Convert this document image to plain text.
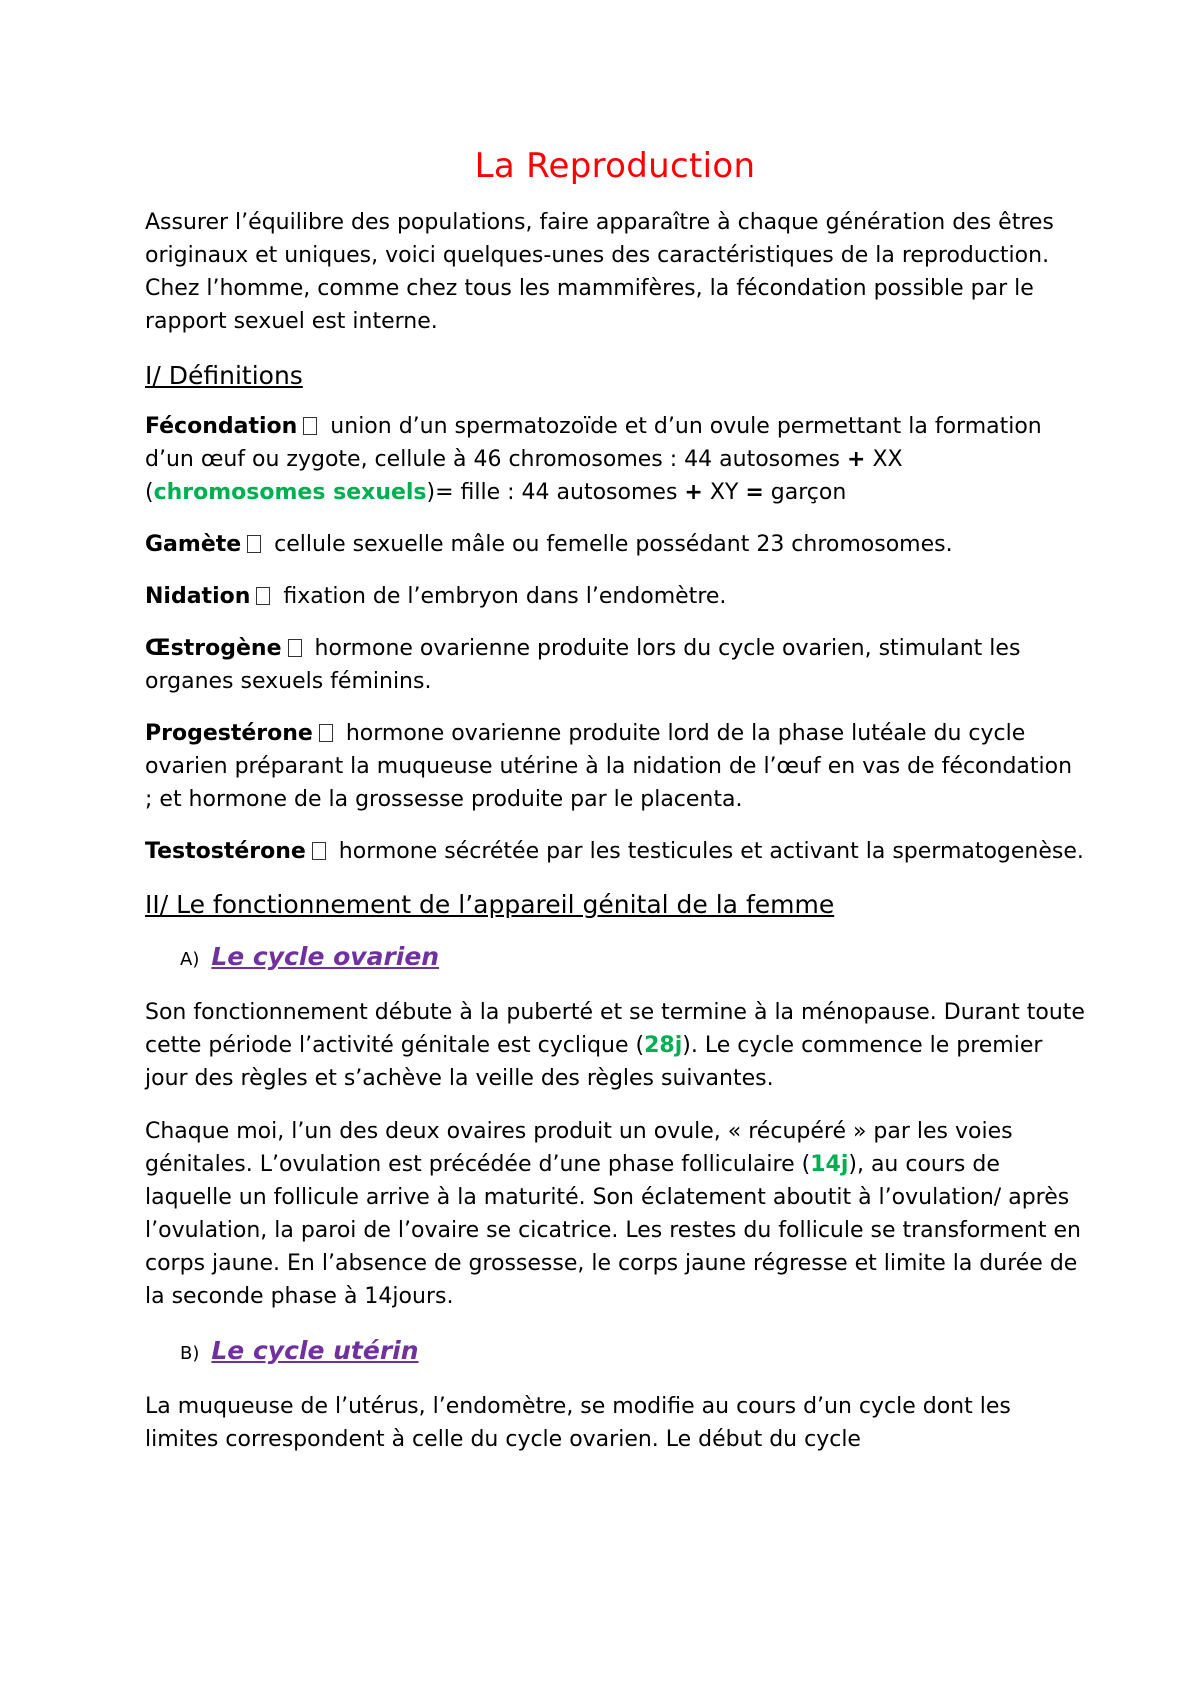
La Reproduction

Assurer l’équilibre des populations, faire apparaître à chaque génération des êtres originaux et uniques, voici quelques-unes des caractéristiques de la reproduction. Chez l’homme, comme chez tous les mammifères, la fécondation possible par le rapport sexuel est interne.

I/ Définitions

Fécondation union d’un spermatozoïde et d’un ovule permettant la formation d’un œuf ou zygote, cellule à 46 chromosomes : 44 autosomes + XX (chromosomes sexuels)= fille : 44 autosomes + XY = garçon

Gamète cellule sexuelle mâle ou femelle possédant 23 chromosomes.

Nidation fixation de l’embryon dans l’endomètre.

Œstrogène hormone ovarienne produite lors du cycle ovarien, stimulant les organes sexuels féminins.

Progestérone hormone ovarienne produite lord de la phase lutéale du cycle ovarien préparant la muqueuse utérine à la nidation de l’œuf en vas de fécondation ; et hormone de la grossesse produite par le placenta.

Testostérone hormone sécrétée par les testicules et activant la spermatogenèse.

II/ Le fonctionnement de l’appareil génital de la femme
A) Le cycle ovarien

Son fonctionnement débute à la puberté et se termine à la ménopause. Durant toute cette période l’activité génitale est cyclique (28j). Le cycle commence le premier jour des règles et s’achève la veille des règles suivantes.

Chaque moi, l’un des deux ovaires produit un ovule, « récupéré » par les voies génitales. L’ovulation est précédée d’une phase folliculaire (14j), au cours de laquelle un follicule arrive à la maturité. Son éclatement aboutit à l’ovulation/ après l’ovulation, la paroi de l’ovaire se cicatrice. Les restes du follicule se transforment en corps jaune. En l’absence de grossesse, le corps jaune régresse et limite la durée de la seconde phase à 14jours.

B) Le cycle utérin

La muqueuse de l’utérus, l’endomètre, se modifie au cours d’un cycle dont les limites correspondent à celle du cycle ovarien. Le début du cycle
